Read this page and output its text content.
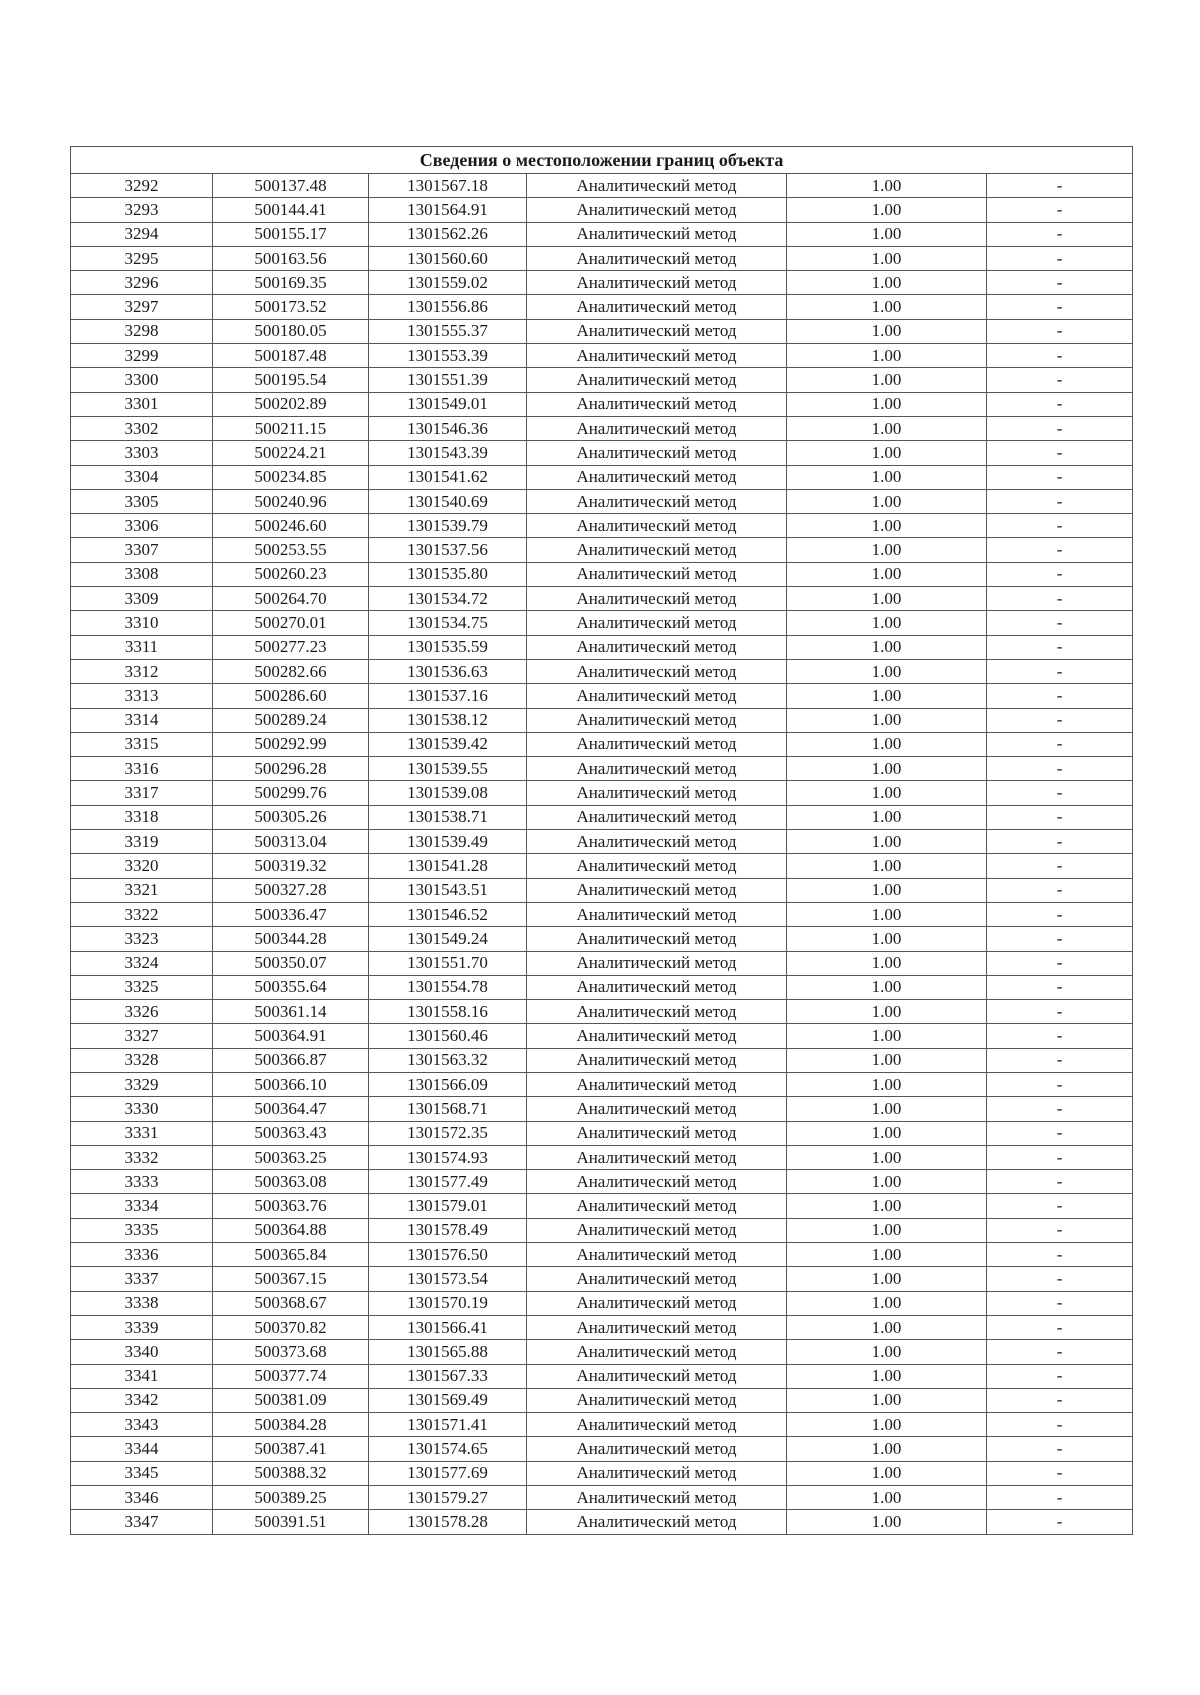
Сведения о местоположении границ объекта					
3292	500137.48	1301567.18	Аналитический метод	1.00	-
3293	500144.41	1301564.91	Аналитический метод	1.00	-
3294	500155.17	1301562.26	Аналитический метод	1.00	-
3295	500163.56	1301560.60	Аналитический метод	1.00	-
3296	500169.35	1301559.02	Аналитический метод	1.00	-
3297	500173.52	1301556.86	Аналитический метод	1.00	-
3298	500180.05	1301555.37	Аналитический метод	1.00	-
3299	500187.48	1301553.39	Аналитический метод	1.00	-
3300	500195.54	1301551.39	Аналитический метод	1.00	-
3301	500202.89	1301549.01	Аналитический метод	1.00	-
3302	500211.15	1301546.36	Аналитический метод	1.00	-
3303	500224.21	1301543.39	Аналитический метод	1.00	-
3304	500234.85	1301541.62	Аналитический метод	1.00	-
3305	500240.96	1301540.69	Аналитический метод	1.00	-
3306	500246.60	1301539.79	Аналитический метод	1.00	-
3307	500253.55	1301537.56	Аналитический метод	1.00	-
3308	500260.23	1301535.80	Аналитический метод	1.00	-
3309	500264.70	1301534.72	Аналитический метод	1.00	-
3310	500270.01	1301534.75	Аналитический метод	1.00	-
3311	500277.23	1301535.59	Аналитический метод	1.00	-
3312	500282.66	1301536.63	Аналитический метод	1.00	-
3313	500286.60	1301537.16	Аналитический метод	1.00	-
3314	500289.24	1301538.12	Аналитический метод	1.00	-
3315	500292.99	1301539.42	Аналитический метод	1.00	-
3316	500296.28	1301539.55	Аналитический метод	1.00	-
3317	500299.76	1301539.08	Аналитический метод	1.00	-
3318	500305.26	1301538.71	Аналитический метод	1.00	-
3319	500313.04	1301539.49	Аналитический метод	1.00	-
3320	500319.32	1301541.28	Аналитический метод	1.00	-
3321	500327.28	1301543.51	Аналитический метод	1.00	-
3322	500336.47	1301546.52	Аналитический метод	1.00	-
3323	500344.28	1301549.24	Аналитический метод	1.00	-
3324	500350.07	1301551.70	Аналитический метод	1.00	-
3325	500355.64	1301554.78	Аналитический метод	1.00	-
3326	500361.14	1301558.16	Аналитический метод	1.00	-
3327	500364.91	1301560.46	Аналитический метод	1.00	-
3328	500366.87	1301563.32	Аналитический метод	1.00	-
3329	500366.10	1301566.09	Аналитический метод	1.00	-
3330	500364.47	1301568.71	Аналитический метод	1.00	-
3331	500363.43	1301572.35	Аналитический метод	1.00	-
3332	500363.25	1301574.93	Аналитический метод	1.00	-
3333	500363.08	1301577.49	Аналитический метод	1.00	-
3334	500363.76	1301579.01	Аналитический метод	1.00	-
3335	500364.88	1301578.49	Аналитический метод	1.00	-
3336	500365.84	1301576.50	Аналитический метод	1.00	-
3337	500367.15	1301573.54	Аналитический метод	1.00	-
3338	500368.67	1301570.19	Аналитический метод	1.00	-
3339	500370.82	1301566.41	Аналитический метод	1.00	-
3340	500373.68	1301565.88	Аналитический метод	1.00	-
3341	500377.74	1301567.33	Аналитический метод	1.00	-
3342	500381.09	1301569.49	Аналитический метод	1.00	-
3343	500384.28	1301571.41	Аналитический метод	1.00	-
3344	500387.41	1301574.65	Аналитический метод	1.00	-
3345	500388.32	1301577.69	Аналитический метод	1.00	-
3346	500389.25	1301579.27	Аналитический метод	1.00	-
3347	500391.51	1301578.28	Аналитический метод	1.00	-
